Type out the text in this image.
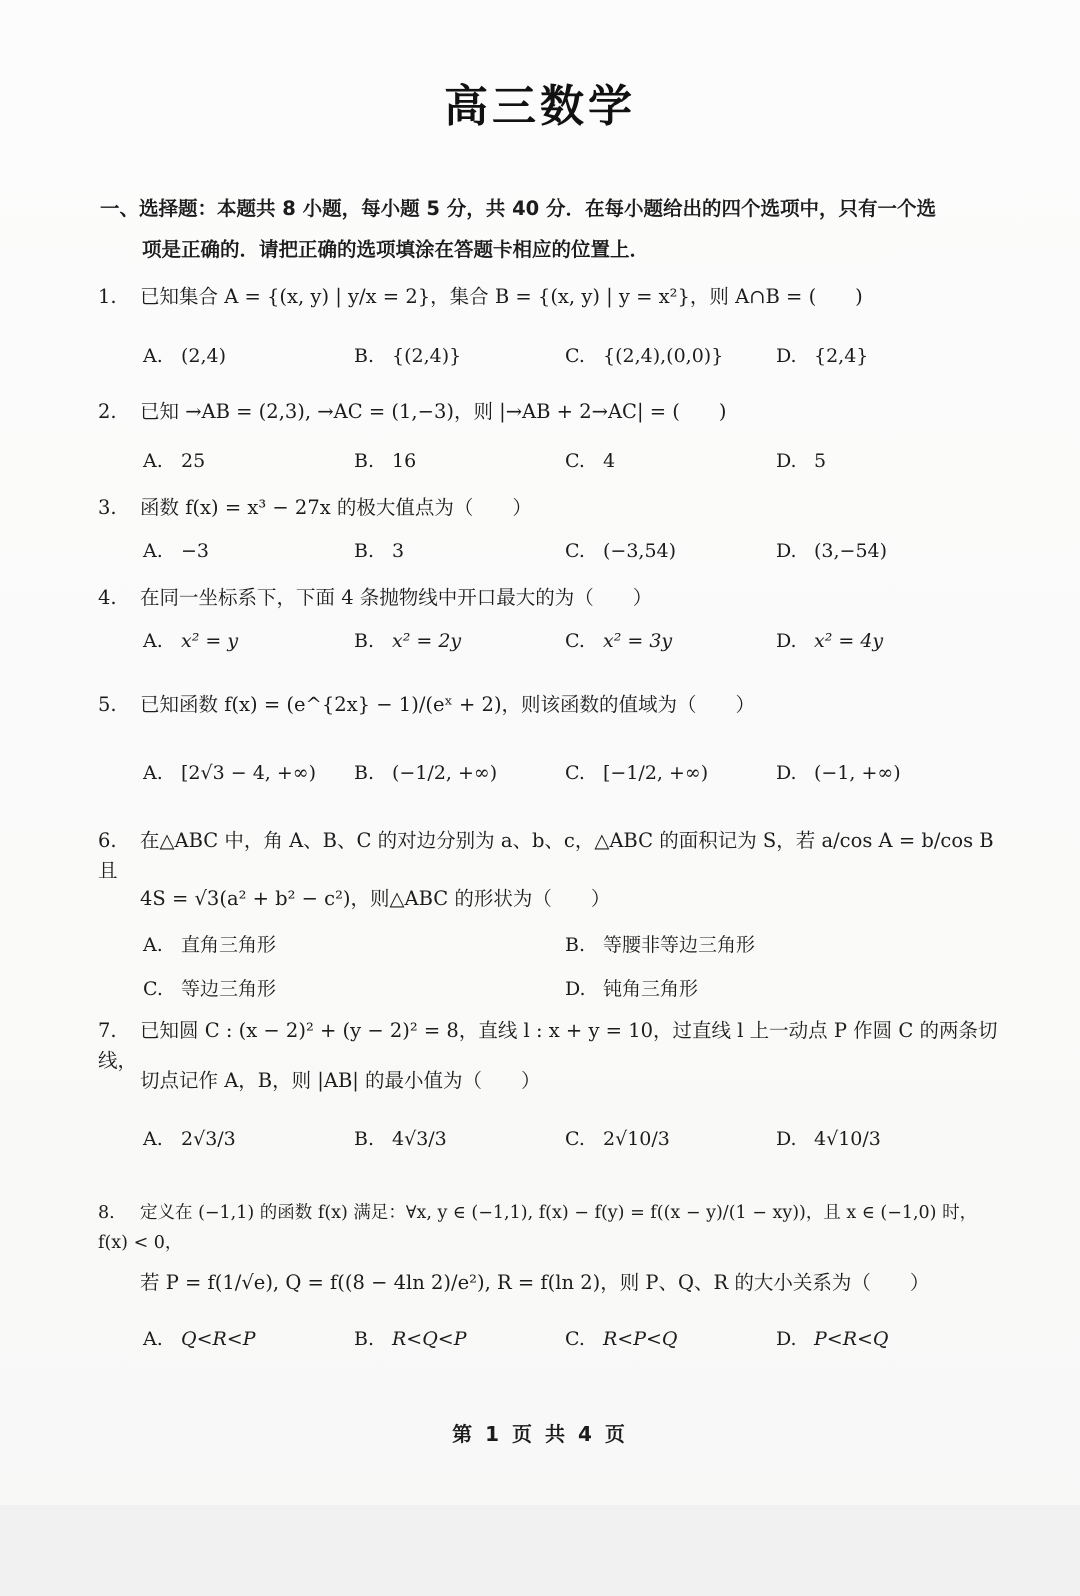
高三数学
一、选择题：本题共 8 小题，每小题 5 分，共 40 分．在每小题给出的四个选项中，只有一个选
项是正确的．请把正确的选项填涂在答题卡相应的位置上．
1. 已知集合 A = {(x, y) | y/x = 2}，集合 B = {(x, y) | y = x²}，则 A∩B = (　　)
A. (2,4)	B. {(2,4)}	C. {(2,4),(0,0)}	D. {2,4}
2. 已知 →AB = (2,3), →AC = (1,−3)，则 |→AB + 2→AC| = (　　)
A. 25	B. 16	C. 4	D. 5
3. 函数 f(x) = x³ − 27x 的极大值点为（　　）
A. −3	B. 3	C. (−3,54)	D. (3,−54)
4. 在同一坐标系下，下面 4 条抛物线中开口最大的为（　　）
A. x² = y	B. x² = 2y	C. x² = 3y	D. x² = 4y
5. 已知函数 f(x) = (e^{2x} − 1)/(eˣ + 2)，则该函数的值域为（　　）
A. [2√3 − 4, +∞) B. (−1/2, +∞)	C. [−1/2, +∞)	D. (−1, +∞)
6. 在△ABC 中，角 A、B、C 的对边分别为 a、b、c，△ABC 的面积记为 S，若 a/cos A = b/cos B 且
4S = √3(a² + b² − c²)，则△ABC 的形状为（　　）
A. 直角三角形	B. 等腰非等边三角形
C. 等边三角形	D. 钝角三角形
7. 已知圆 C : (x − 2)² + (y − 2)² = 8，直线 l : x + y = 10，过直线 l 上一动点 P 作圆 C 的两条切线，
切点记作 A，B，则 |AB| 的最小值为（　　）
A. 2√3/3	B. 4√3/3	C. 2√10/3	D. 4√10/3
8. 定义在 (−1,1) 的函数 f(x) 满足：∀x, y ∈ (−1,1), f(x) − f(y) = f((x − y)/(1 − xy))，且 x ∈ (−1,0) 时，f(x) < 0，
若 P = f(1/√e), Q = f((8 − 4ln 2)/e²), R = f(ln 2)，则 P、Q、R 的大小关系为（　　）
A. Q<R<P	B. R<Q<P	C. R<P<Q	D. P<R<Q
第 1 页 共 4 页
